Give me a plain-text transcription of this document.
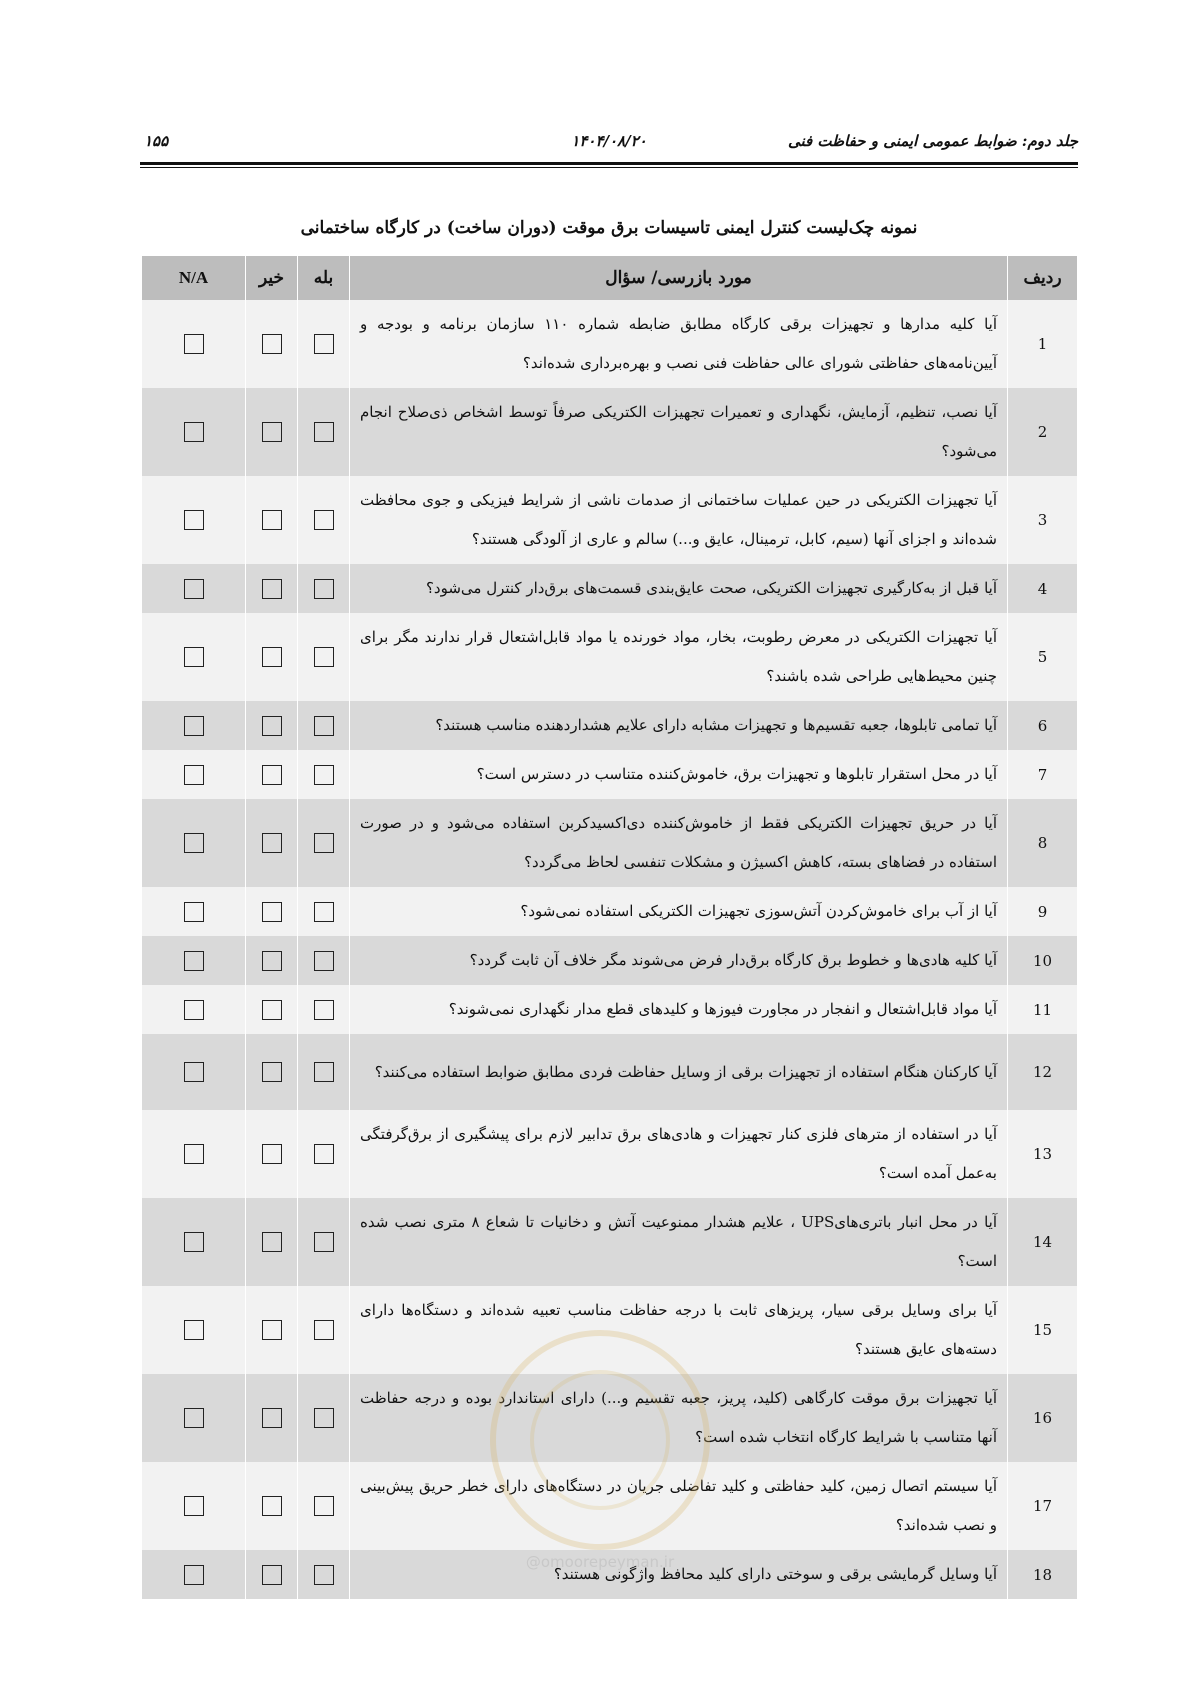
جلد دوم: ضوابط عمومی ایمنی و حفاظت فنی
۱۴۰۴/۰۸/۲۰
۱۵۵
نمونه چک‌لیست کنترل ایمنی تاسیسات برق موقت (دوران ساخت) در کارگاه ساختمانی
ردیف	مورد بازرسی/ سؤال	بله	خیر	N/A
1	آیا کلیه مدارها و تجهیزات برقی کارگاه مطابق ضابطه شماره ۱۱۰ سازمان برنامه و بودجه و آیین‌نامه‌های حفاظتی شورای عالی حفاظت فنی نصب و بهره‌برداری شده‌اند؟			
2	آیا نصب، تنظیم، آزمایش، نگهداری و تعمیرات تجهیزات الکتریکی صرفاً توسط اشخاص ذی‌صلاح انجام می‌شود؟			
3	آیا تجهیزات الکتریکی در حین عملیات ساختمانی از صدمات ناشی از شرایط فیزیکی و جوی محافظت شده‌اند و اجزای آنها (سیم، کابل، ترمینال، عایق و...) سالم و عاری از آلودگی هستند؟			
4	آیا قبل از به‌کارگیری تجهیزات الکتریکی، صحت عایق‌بندی قسمت‌های برق‌دار کنترل می‌شود؟			
5	آیا تجهیزات الکتریکی در معرض رطوبت، بخار، مواد خورنده یا مواد قابل‌اشتعال قرار ندارند مگر برای چنین محیط‌هایی طراحی شده باشند؟			
6	آیا تمامی تابلوها، جعبه تقسیم‌ها و تجهیزات مشابه دارای علایم هشداردهنده مناسب هستند؟			
7	آیا در محل استقرار تابلوها و تجهیزات برق، خاموش‌کننده متناسب در دسترس است؟			
8	آیا در حریق تجهیزات الکتریکی فقط از خاموش‌کننده دی‌اکسیدکربن استفاده می‌شود و در صورت استفاده در فضاهای بسته، کاهش اکسیژن و مشکلات تنفسی لحاظ می‌گردد؟			
9	آیا از آب برای خاموش‌کردن آتش‌سوزی تجهیزات الکتریکی استفاده نمی‌شود؟			
10	آیا کلیه هادی‌ها و خطوط برق کارگاه برق‌دار فرض می‌شوند مگر خلاف آن ثابت گردد؟			
11	آیا مواد قابل‌اشتعال و انفجار در مجاورت فیوزها و کلیدهای قطع مدار نگهداری نمی‌شوند؟			
12	آیا کارکنان هنگام استفاده از تجهیزات برقی از وسایل حفاظت فردی مطابق ضوابط استفاده می‌کنند؟			
13	آیا در استفاده از مترهای فلزی کنار تجهیزات و هادی‌های برق تدابیر لازم برای پیشگیری از برق‌گرفتگی به‌عمل آمده است؟			
14	آیا در محل انبار باتری‌هایUPS ، علایم هشدار ممنوعیت آتش و دخانیات تا شعاع ۸ متری نصب شده است؟			
15	آیا برای وسایل برقی سیار، پریزهای ثابت با درجه حفاظت مناسب تعبیه شده‌اند و دستگاه‌ها دارای دسته‌های عایق هستند؟			
16	آیا تجهیزات برق موقت کارگاهی (کلید، پریز، جعبه تقسیم و...) دارای استاندارد بوده و درجه حفاظت آنها متناسب با شرایط کارگاه انتخاب شده است؟			
17	آیا سیستم اتصال زمین، کلید حفاظتی و کلید تفاضلی جریان در دستگاه‌های دارای خطر حریق پیش‌بینی و نصب شده‌اند؟			
18	آیا وسایل گرمایشی برقی و سوختی دارای کلید محافظ واژگونی هستند؟			
@omoorepeyman.ir
